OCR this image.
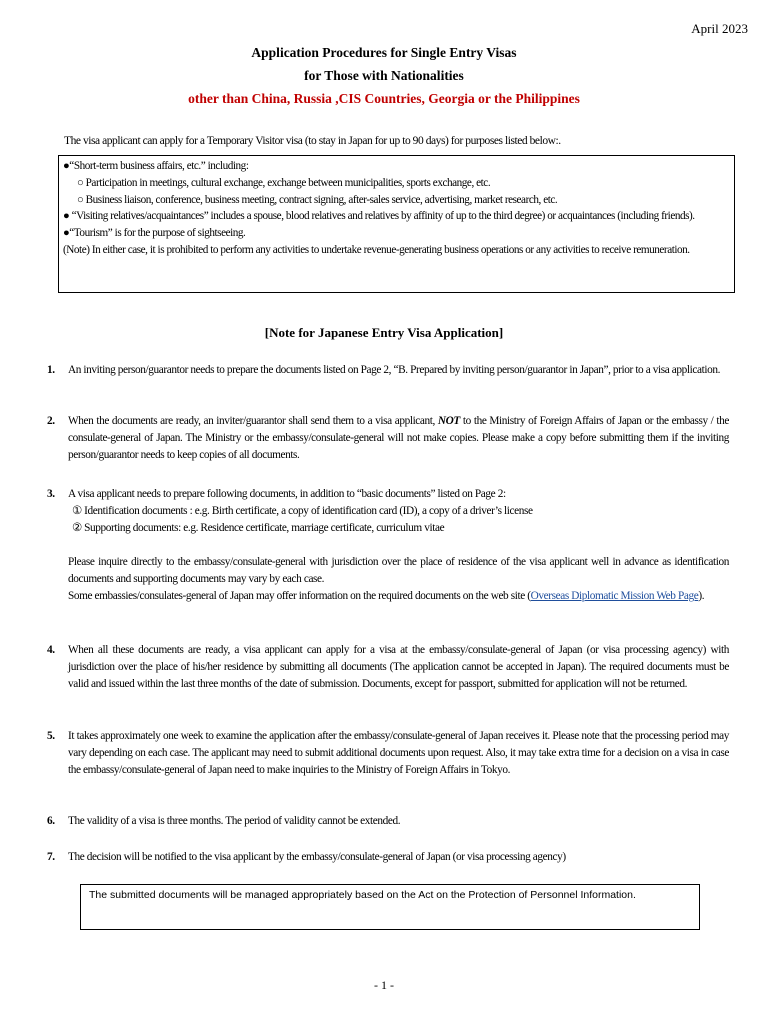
April 2023
Application Procedures for Single Entry Visas
for Those with Nationalities
other than China, Russia ,CIS Countries, Georgia or the Philippines
The visa applicant can apply for a Temporary Visitor visa (to stay in Japan for up to 90 days) for purposes listed below:.

●“Short-term business affairs, etc.” including:

○ Participation in meetings, cultural exchange, exchange between municipalities, sports exchange, etc.

○ Business liaison, conference, business meeting, contract signing, after-sales service, advertising, market research, etc.

● “Visiting relatives/acquaintances” includes a spouse, blood relatives and relatives by affinity of up to the third degree) or acquaintances (including friends).

●“Tourism” is for the purpose of sightseeing.

(Note) In either case, it is prohibited to perform any activities to undertake revenue-generating business operations or any activities to receive remuneration.

[Note for Japanese Entry Visa Application]
1. An inviting person/guarantor needs to prepare the documents listed on Page 2, “B. Prepared by inviting person/guarantor in Japan”, prior to a visa application.

2. When the documents are ready, an inviter/guarantor shall send them to a visa applicant, NOT to the Ministry of Foreign Affairs of Japan or the embassy / the consulate-general of Japan. The Ministry or the embassy/consulate-general will not make copies. Please make a copy before submitting them if the inviting person/guarantor needs to keep copies of all documents.

3. A visa applicant needs to prepare following documents, in addition to “basic documents” listed on Page 2:

① Identification documents : e.g. Birth certificate, a copy of identification card (ID), a copy of a driver’s license

② Supporting documents: e.g. Residence certificate, marriage certificate, curriculum vitae

Please inquire directly to the embassy/consulate-general with jurisdiction over the place of residence of the visa applicant well in advance as identification documents and supporting documents may vary by each case.

Some embassies/consulates-general of Japan may offer information on the required documents on the web site (Overseas Diplomatic Mission Web Page).

4. When all these documents are ready, a visa applicant can apply for a visa at the embassy/consulate-general of Japan (or visa processing agency) with jurisdiction over the place of his/her residence by submitting all documents (The application cannot be accepted in Japan). The required documents must be valid and issued within the last three months of the date of submission. Documents, except for passport, submitted for application will not be returned.

5. It takes approximately one week to examine the application after the embassy/consulate-general of Japan receives it. Please note that the processing period may vary depending on each case. The applicant may need to submit additional documents upon request. Also, it may take extra time for a decision on a visa in case the embassy/consulate-general of Japan need to make inquiries to the Ministry of Foreign Affairs in Tokyo.

6. The validity of a visa is three months. The period of validity cannot be extended.

7. The decision will be notified to the visa applicant by the embassy/consulate-general of Japan (or visa processing agency)

The submitted documents will be managed appropriately based on the Act on the Protection of Personnel Information.
- 1 -
